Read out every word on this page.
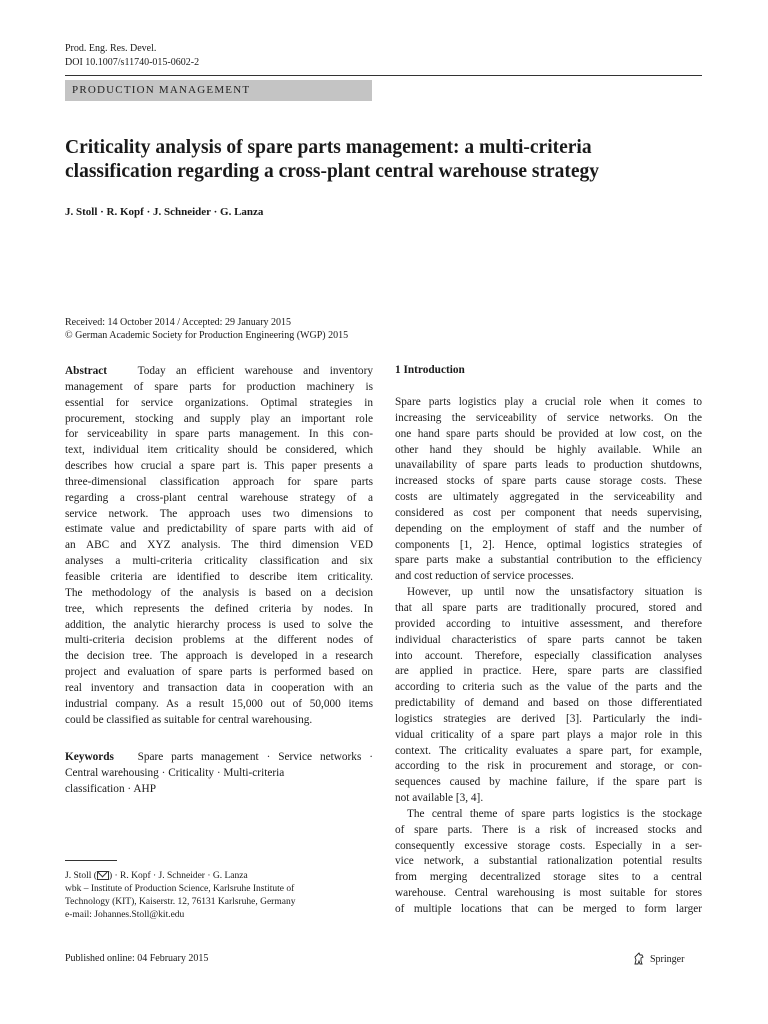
Prod. Eng. Res. Devel.
DOI 10.1007/s11740-015-0602-2
PRODUCTION MANAGEMENT
Criticality analysis of spare parts management: a multi-criteria
classification regarding a cross-plant central warehouse strategy
J. Stoll · R. Kopf · J. Schneider · G. Lanza
Received: 14 October 2014 / Accepted: 29 January 2015
© German Academic Society for Production Engineering (WGP) 2015
Abstract	Today an efficient warehouse and inventory
management of spare parts for production machinery is
essential for service organizations. Optimal strategies in
procurement, stocking and supply play an important role
for serviceability in spare parts management. In this con-
text, individual item criticality should be considered, which
describes how crucial a spare part is. This paper presents a
three-dimensional classification approach for spare parts
regarding a cross-plant central warehouse strategy of a
service network. The approach uses two dimensions to
estimate value and predictability of spare parts with aid of
an ABC and XYZ analysis. The third dimension VED
analyses a multi-criteria criticality classification and six
feasible criteria are identified to describe item criticality.
The methodology of the analysis is based on a decision
tree, which represents the defined criteria by nodes. In
addition, the analytic hierarchy process is used to solve the
multi-criteria decision problems at the different nodes of
the decision tree. The approach is developed in a research
project and evaluation of spare parts is performed based on
real inventory and transaction data in cooperation with an
industrial company. As a result 15,000 out of 50,000 items
could be classified as suitable for central warehousing.
Keywords Spare parts management · Service networks ·
Central warehousing · Criticality · Multi-criteria
classification · AHP
J. Stoll ( ) · R. Kopf · J. Schneider · G. Lanza
wbk – Institute of Production Science, Karlsruhe Institute of
Technology (KIT), Kaiserstr. 12, 76131 Karlsruhe, Germany
e-mail: Johannes.Stoll@kit.edu
1 Introduction
Spare parts logistics play a crucial role when it comes to
increasing the serviceability of service networks. On the
one hand spare parts should be provided at low cost, on the
other hand they should be highly available. While an
unavailability of spare parts leads to production shutdowns,
increased stocks of spare parts cause storage costs. These
costs are ultimately aggregated in the serviceability and
considered as cost per component that needs supervising,
depending on the employment of staff and the number of
components [1, 2]. Hence, optimal logistics strategies of
spare parts make a substantial contribution to the efficiency
and cost reduction of service processes.
However, up until now the unsatisfactory situation is
that all spare parts are traditionally procured, stored and
provided according to intuitive assessment, and therefore
individual characteristics of spare parts cannot be taken
into account. Therefore, especially classification analyses
are applied in practice. Here, spare parts are classified
according to criteria such as the value of the parts and the
predictability of demand and based on those differentiated
logistics strategies are derived [3]. Particularly the indi-
vidual criticality of a spare part plays a major role in this
context. The criticality evaluates a spare part, for example,
according to the risk in procurement and storage, or con-
sequences caused by machine failure, if the spare part is
not available [3, 4].
The central theme of spare parts logistics is the stockage
of spare parts. There is a risk of increased stocks and
consequently excessive storage costs. Especially in a ser-
vice network, a substantial rationalization potential results
from merging decentralized storage sites to a central
warehouse. Central warehousing is most suitable for stores
of multiple locations that can be merged to form larger
Published online: 04 February 2015	Springer
